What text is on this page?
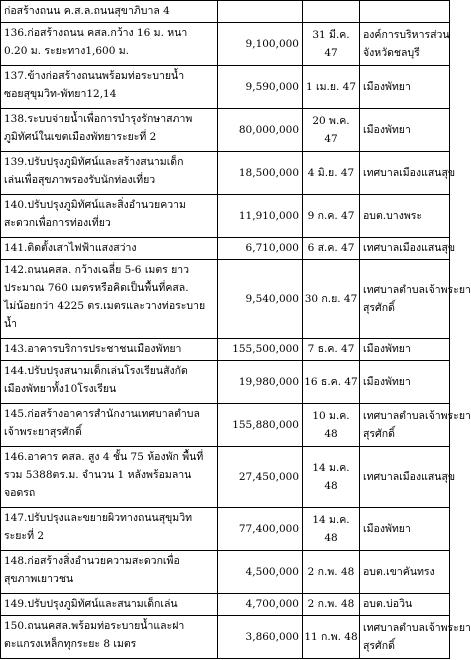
ก่อสร้างถนน ค.ส.ล.ถนนสุขาภิบาล 4			

136.ก่อสร้างถนน คสล.กว้าง 16 ม. หนา
0.20 ม. ระยะทาง1,600 ม.	9,100,000	31 มี.ค. 47	องค์การบริหารส่วน
จังหวัดชลบุรี

137.ข้างก่อสร้างถนนพร้อมท่อระบายน้ำ
ซอยสุขุมวิท-พัทยา12,14	9,590,000	1 เม.ย. 47	เมืองพัทยา

138.ระบบจ่ายน้ำเพื่อการบำรุงรักษาสภาพ
ภูมิทัศน์ในเขตเมืองพัทยาระยะที่ 2	80,000,000	20 พ.ค. 47	เมืองพัทยา

139.ปรับปรุงภูมิทัศน์และสร้างสนามเด็ก
เล่นเพื่อสุขภาพรองรับนักท่องเที่ยว	18,500,000	4 มิ.ย. 47	เทศบาลเมืองแสนสุข

140.ปรับปรุงภูมิทัศน์และสิ่งอำนวยความ
สะดวกเพื่อการท่องเที่ยว	11,910,000	9 ก.ค. 47	อบต.บางพระ

141.ติดตั้งเสาไฟฟ้าแสงสว่าง	6,710,000	6 ส.ค. 47	เทศบาลเมืองแสนสุข

142.ถนนคสล. กว้างเฉลี่ย 5-6 เมตร ยาว
ประมาณ 760 เมตรหรือคิดเป็นพื้นที่คสล.
ไม่น้อยกว่า 4225 ตร.เมตรและวางท่อระบาย
น้ำ	9,540,000	30 ก.ย. 47	เทศบาลตำบลเจ้าพระยา
สุรศักดิ์

143.อาคารบริการประชาชนเมืองพัทยา	155,500,000	7 ธ.ค. 47	เมืองพัทยา

144.ปรับปรุงสนามเด็กเล่นโรงเรียนสังกัด
เมืองพัทยาทั้ง10โรงเรียน	19,980,000	16 ธ.ค. 47	เมืองพัทยา

145.ก่อสร้างอาคารสำนักงานเทศบาลตำบล
เจ้าพระยาสุรศักดิ์	155,880,000	10 ม.ค. 48	เทศบาลตำบลเจ้าพระยา
สุรศักดิ์

146.อาคาร คสล. สูง 4 ชั้น 75 ห้องพัก พื้นที่
รวม 5388ตร.ม. จำนวน 1 หลังพร้อมลาน
จอดรถ	27,450,000	14 ม.ค. 48	เทศบาลเมืองแสนสุข

147.ปรับปรุงและขยายผิวทางถนนสุขุมวิท
ระยะที่ 2	77,400,000	14 ม.ค. 48	เมืองพัทยา

148.ก่อสร้างสิ่งอำนวยความสะดวกเพื่อ
สุขภาพเยาวชน	4,500,000	2 ก.พ. 48	อบต.เขาคันทรง

149.ปรับปรุงภูมิทัศน์และสนามเด็กเล่น	4,700,000	2 ก.พ. 48	อบต.บ่อวิน

150.ถนนคสล.พร้อมท่อระบายน้ำและฝา
ตะแกรงเหล็กทุกระยะ 8 เมตร	3,860,000	11 ก.พ. 48	เทศบาลตำบลเจ้าพระยา
สุรศักดิ์
